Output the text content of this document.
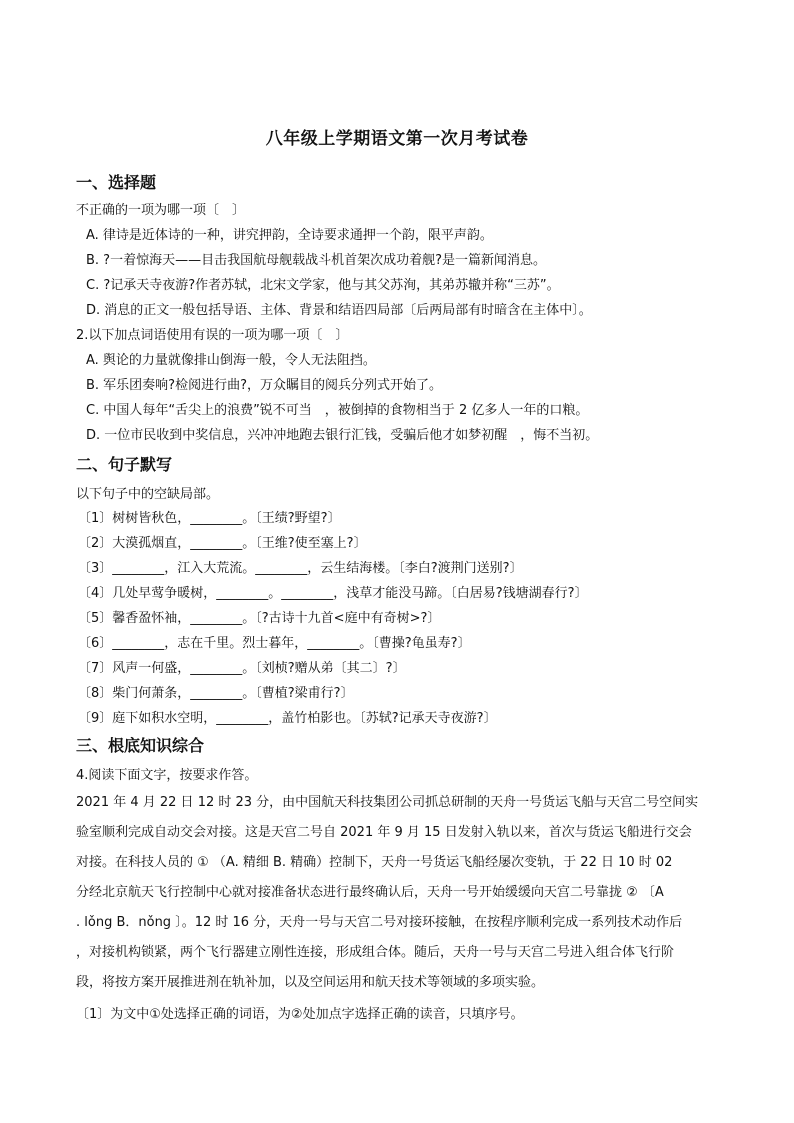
八年级上学期语文第一次月考试卷
一、选择题
不正确的一项为哪一项〔　〕
A. 律诗是近体诗的一种，讲究押韵，全诗要求通押一个韵，限平声韵。
B. ?一着惊海天——目击我国航母舰载战斗机首架次成功着舰?是一篇新闻消息。
C. ?记承天寺夜游?作者苏轼，北宋文学家，他与其父苏洵，其弟苏辙并称“三苏”。
D. 消息的正文一般包括导语、主体、背景和结语四局部〔后两局部有时暗含在主体中〕。
2.以下加点词语使用有误的一项为哪一项〔　〕
A. 舆论的力量就像排山倒海一般，令人无法阻挡。
B. 军乐团奏响?检阅进行曲?，万众瞩目的阅兵分列式开始了。
C. 中国人每年“舌尖上的浪费”锐不可当　，被倒掉的食物相当于 2 亿多人一年的口粮。
D. 一位市民收到中奖信息，兴冲冲地跑去银行汇钱，受骗后他才如梦初醒　，悔不当初。
二、句子默写
以下句子中的空缺局部。
〔1〕树树皆秋色，________。〔王绩?野望?〕
〔2〕大漠孤烟直，________。〔王维?使至塞上?〕
〔3〕________，江入大荒流。________，云生结海楼。〔李白?渡荆门送别?〕
〔4〕几处早莺争暖树，________。________，浅草才能没马蹄。〔白居易?钱塘湖春行?〕
〔5〕馨香盈怀袖，________。〔?古诗十九首<庭中有奇树>?〕
〔6〕________，志在千里。烈士暮年，________。〔曹操?龟虽寿?〕
〔7〕风声一何盛，________。〔刘桢?赠从弟〔其二〕?〕
〔8〕柴门何萧条，________。〔曹植?梁甫行?〕
〔9〕庭下如积水空明，________，盖竹柏影也。〔苏轼?记承天寺夜游?〕
三、根底知识综合
4.阅读下面文字，按要求作答。
2021 年 4 月 22 日 12 时 23 分，由中国航天科技集团公司抓总研制的天舟一号货运飞船与天宫二号空间实
验室顺利完成自动交会对接。这是天宫二号自 2021 年 9 月 15 日发射入轨以来，首次与货运飞船进行交会
对接。在科技人员的 ① （A. 精细 B. 精确）控制下，天舟一号货运飞船经屡次变轨，于 22 日 10 时 02
分经北京航天飞行控制中心就对接准备状态进行最终确认后，天舟一号开始缓缓向天宫二号靠拢 ② 〔A
. lǒng B．nǒng 〕。12 时 16 分，天舟一号与天宫二号对接环接触，在按程序顺利完成一系列技术动作后
，对接机构锁紧，两个飞行器建立刚性连接，形成组合体。随后，天舟一号与天宫二号进入组合体飞行阶
段，将按方案开展推进剂在轨补加，以及空间运用和航天技术等领域的多项实验。
〔1〕为文中①处选择正确的词语，为②处加点字选择正确的读音，只填序号。
